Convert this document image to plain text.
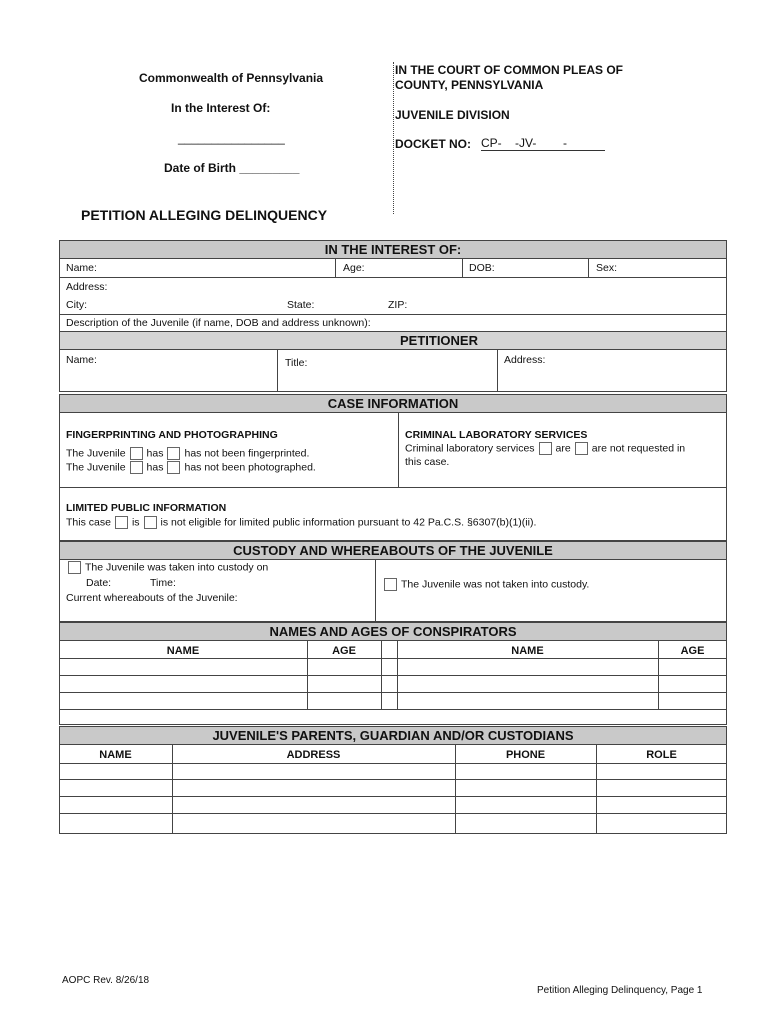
Commonwealth of Pennsylvania
In the Interest Of:
________________
Date of Birth _________
IN THE COURT OF COMMON PLEAS OF
COUNTY, PENNSYLVANIA
JUVENILE DIVISION
DOCKET NO: CP-    -JV-        -
PETITION ALLEGING DELINQUENCY
IN THE INTEREST OF:
Name:	Age:	DOB:	Sex:
Address:
City:	State:	ZIP:
Description of the Juvenile (if name, DOB and address unknown):
PETITIONER
Name:	Title:	Address:
CASE INFORMATION
FINGERPRINTING AND PHOTOGRAPHING
The Juvenile has has not been fingerprinted.
The Juvenile has has not been photographed.
CRIMINAL LABORATORY SERVICES
Criminal laboratory services are are not requested in
this case.
LIMITED PUBLIC INFORMATION
This case is is not eligible for limited public information pursuant to 42 Pa.C.S. §6307(b)(1)(ii).
CUSTODY AND WHEREABOUTS OF THE JUVENILE
The Juvenile was taken into custody on
Date:	Time:
Current whereabouts of the Juvenile:
The Juvenile was not taken into custody.
NAMES AND AGES OF CONSPIRATORS
NAME	AGE	NAME	AGE
JUVENILE'S PARENTS, GUARDIAN AND/OR CUSTODIANS
NAME	ADDRESS	PHONE	ROLE
AOPC Rev. 8/26/18
Petition Alleging Delinquency, Page 1
